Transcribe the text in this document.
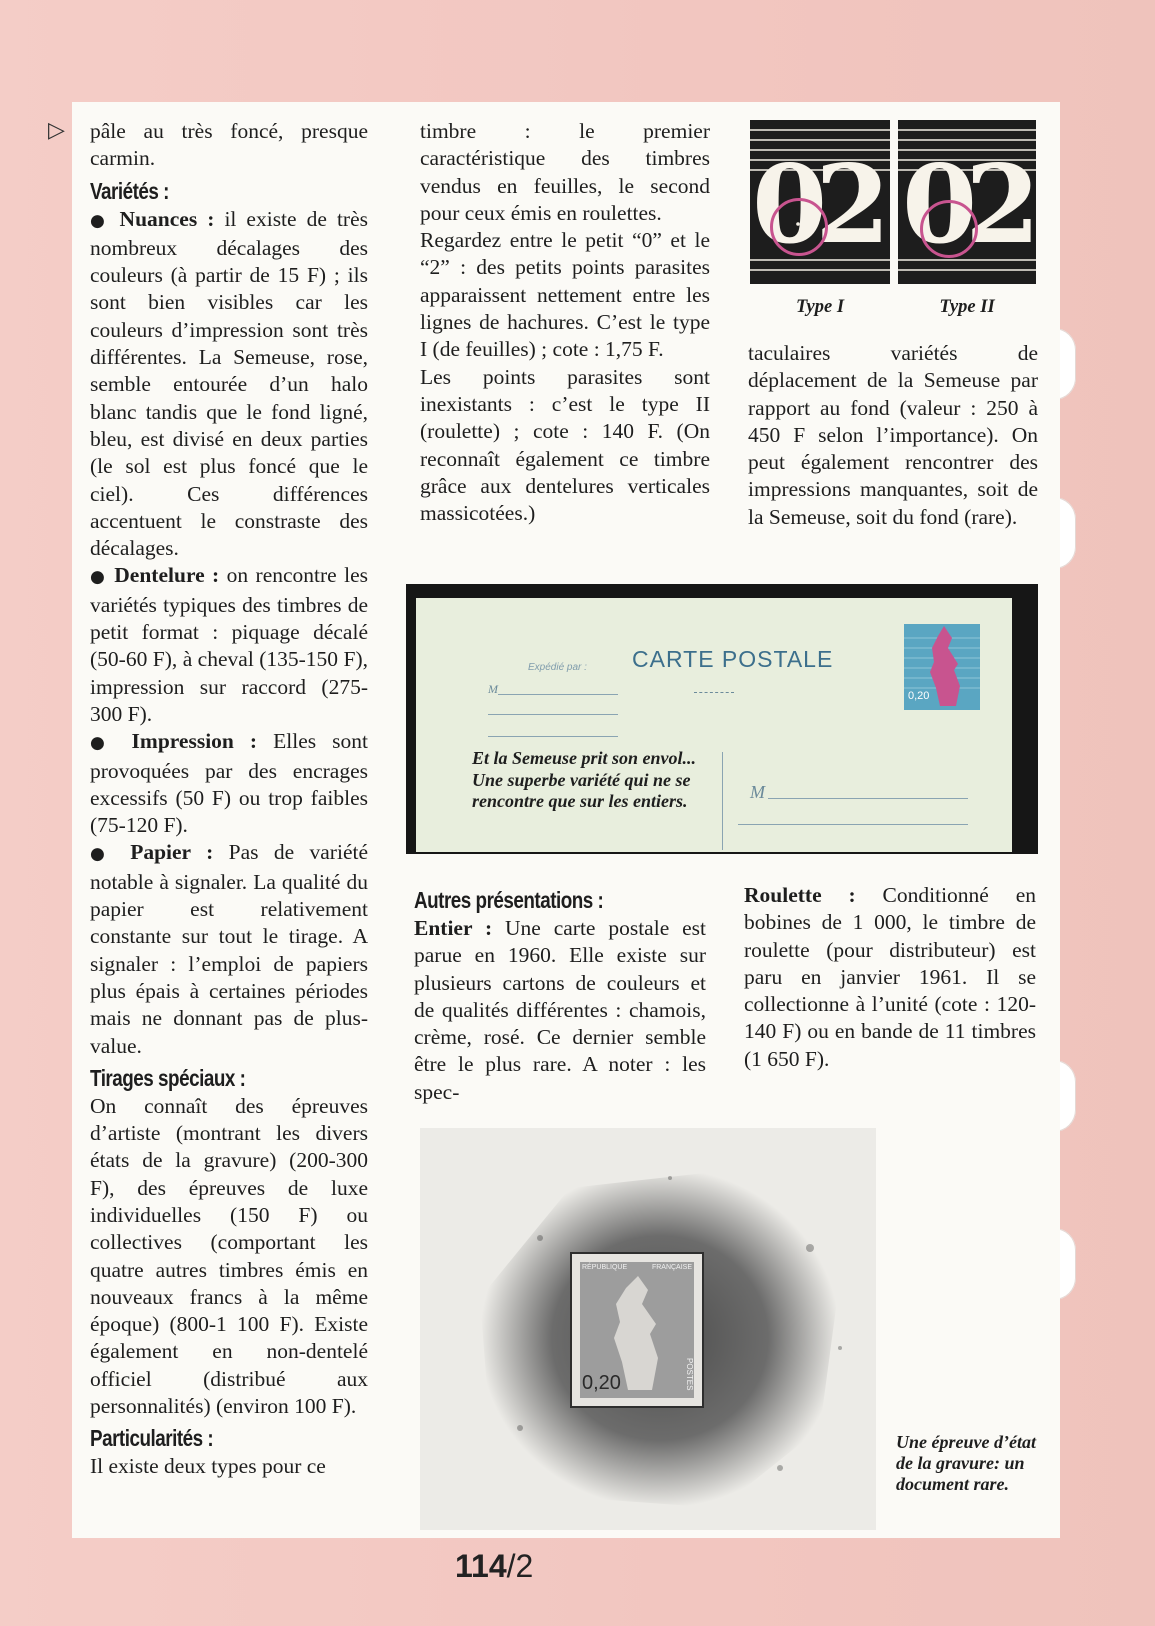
▷ pâle au très foncé, presque carmin.

Variétés :

● Nuances : il existe de très nombreux décalages des couleurs (à partir de 15 F) ; ils sont bien visibles car les couleurs d’impression sont très différentes. La Semeuse, rose, semble entourée d’un halo blanc tandis que le fond ligné, bleu, est divisé en deux parties (le sol est plus foncé que le ciel). Ces différences accentuent le constraste des décalages.

● Dentelure : on rencontre les variétés typiques des timbres de petit format : piquage décalé (50-60 F), à cheval (135-150 F), impression sur raccord (275-300 F).

● Impression : Elles sont provoquées par des encrages excessifs (50 F) ou trop faibles (75-120 F).

● Papier : Pas de variété notable à signaler. La qualité du papier est relativement constante sur tout le tirage. A signaler : l’emploi de papiers plus épais à certaines périodes mais ne donnant pas de plus-value.

Tirages spéciaux :

On connaît des épreuves d’artiste (montrant les divers états de la gravure) (200-300 F), des épreuves de luxe individuelles (150 F) ou collectives (comportant les quatre autres timbres émis en nouveaux francs à la même époque) (800-1 100 F). Existe également en non-dentelé officiel (distribué aux personnalités) (environ 100 F).

Particularités :

Il existe deux types pour ce

timbre : le premier caractéristique des timbres vendus en feuilles, le second pour ceux émis en roulettes.

Regardez entre le petit “0” et le “2” : des petits points parasites apparaissent nettement entre les lignes de hachures. C’est le type I (de feuilles) ; cote : 1,75 F.

Les points parasites sont inexistants : c’est le type II (roulette) ; cote : 140 F. (On reconnaît également ce timbre grâce aux dentelures verticales massicotées.)

02 02
Type I	Type II

taculaires variétés de déplacement de la Semeuse par rapport au fond (valeur : 250 à 450 F selon l’importance). On peut également rencontrer des impressions manquantes, soit de la Semeuse, soit du fond (rare).

Expédié par : CARTE POSTALE
M
M
0,20
Et la Semeuse prit son envol... Une superbe variété qui ne se rencontre que sur les entiers.
Autres présentations :

Entier : Une carte postale est parue en 1960. Elle existe sur plusieurs cartons de couleurs et de qualités différentes : chamois, crème, rosé. Ce dernier semble être le plus rare. A noter : les spec-

Roulette : Conditionné en bobines de 1 000, le timbre de roulette (pour distributeur) est paru en janvier 1961. Il se collectionne à l’unité (cote : 120-140 F) ou en bande de 11 timbres (1 650 F).

RÉPUBLIQUE	FRANÇAISE
0,20	POSTES
Une épreuve d’état de la gravure: un document rare.
114/2
